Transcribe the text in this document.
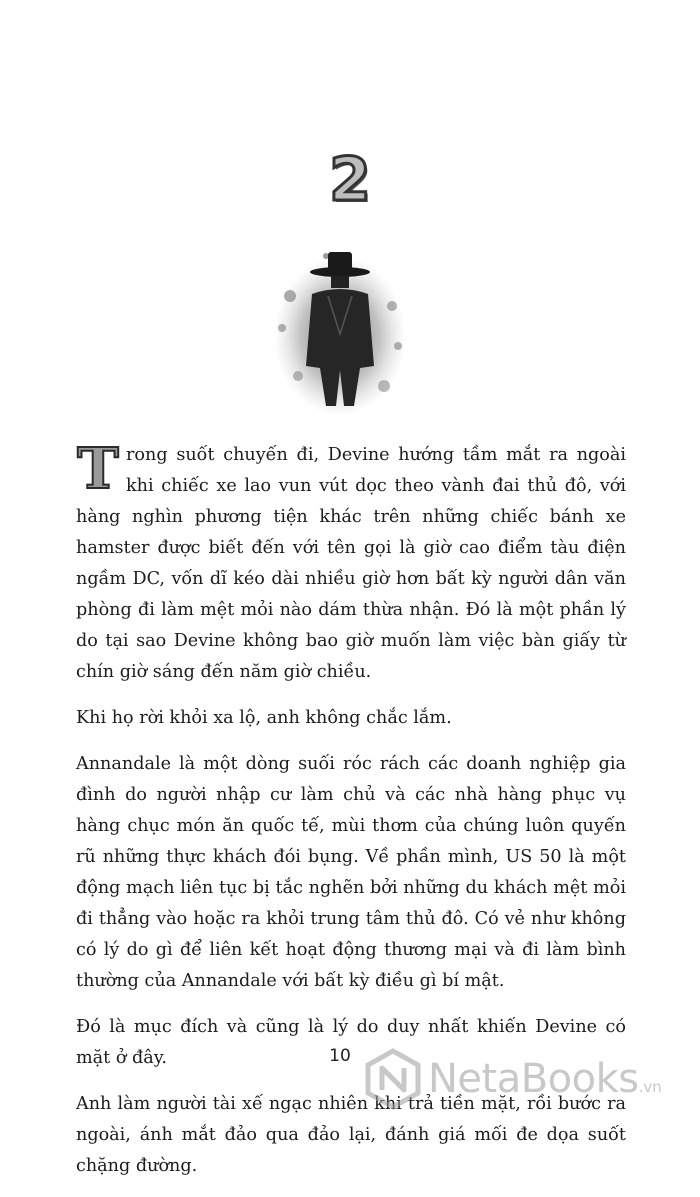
2

Trong suốt chuyến đi, Devine hướng tầm mắt ra ngoài khi chiếc xe lao vun vút dọc theo vành đai thủ đô, với hàng nghìn phương tiện khác trên những chiếc bánh xe hamster được biết đến với tên gọi là giờ cao điểm tàu điện ngầm DC, vốn dĩ kéo dài nhiều giờ hơn bất kỳ người dân văn phòng đi làm mệt mỏi nào dám thừa nhận. Đó là một phần lý do tại sao Devine không bao giờ muốn làm việc bàn giấy từ chín giờ sáng đến năm giờ chiều.

Khi họ rời khỏi xa lộ, anh không chắc lắm.

Annandale là một dòng suối róc rách các doanh nghiệp gia đình do người nhập cư làm chủ và các nhà hàng phục vụ hàng chục món ăn quốc tế, mùi thơm của chúng luôn quyến rũ những thực khách đói bụng. Về phần mình, US 50 là một động mạch liên tục bị tắc nghẽn bởi những du khách mệt mỏi đi thẳng vào hoặc ra khỏi trung tâm thủ đô. Có vẻ như không có lý do gì để liên kết hoạt động thương mại và đi làm bình thường của Annandale với bất kỳ điều gì bí mật.

Đó là mục đích và cũng là lý do duy nhất khiến Devine có mặt ở đây.

Anh làm người tài xế ngạc nhiên khi trả tiền mặt, rồi bước ra ngoài, ánh mắt đảo qua đảo lại, đánh giá mối đe dọa suốt chặng đường.

10 NetaBooks .vn
